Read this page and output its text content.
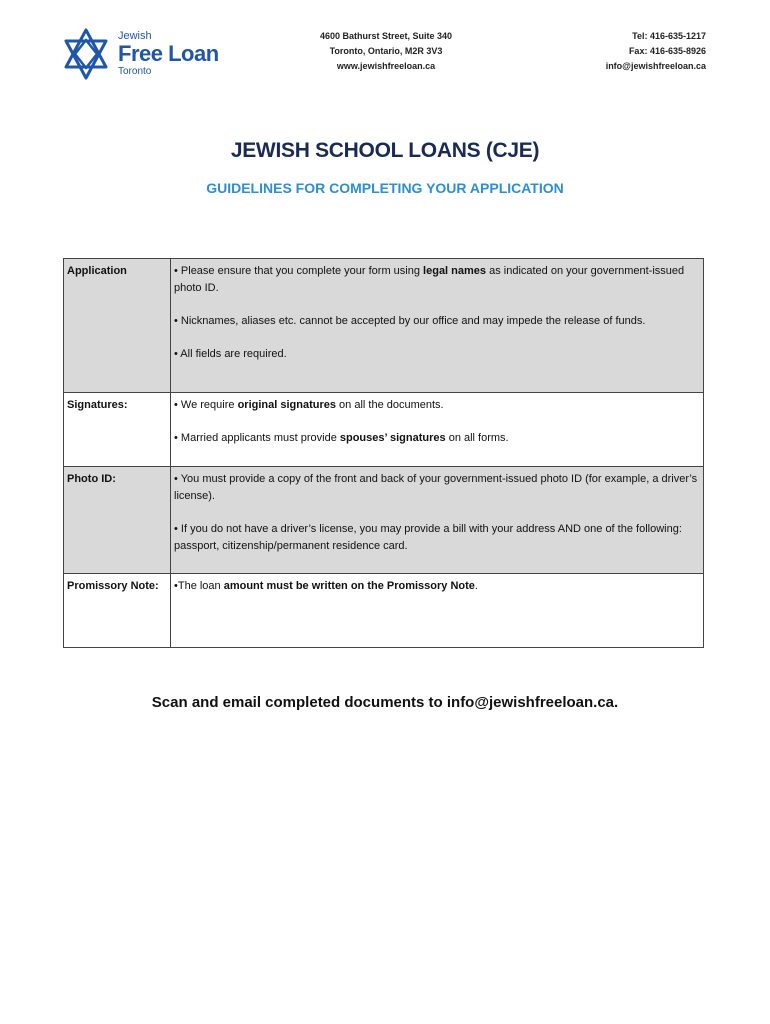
Jewish
Free Loan
Toronto
4600 Bathurst Street, Suite 340
Toronto, Ontario, M2R 3V3
www.jewishfreeloan.ca
Tel: 416-635-1217
Fax: 416-635-8926
info@jewishfreeloan.ca
JEWISH SCHOOL LOANS (CJE)
GUIDELINES FOR COMPLETING YOUR APPLICATION
Application	• Please ensure that you complete your form using legal names as indicated on your government-issued photo ID.

• Nicknames, aliases etc. cannot be accepted by our office and may impede the release of funds.

• All fields are required.

Signatures:	• We require original signatures on all the documents.

• Married applicants must provide spouses’ signatures on all forms.

Photo ID:	• You must provide a copy of the front and back of your government-issued photo ID (for example, a driver’s license).

• If you do not have a driver’s license, you may provide a bill with your address AND one of the following: passport, citizenship/permanent residence card.

Promissory Note:	•The loan amount must be written on the Promissory Note.

Scan and email completed documents to info@jewishfreeloan.ca.
